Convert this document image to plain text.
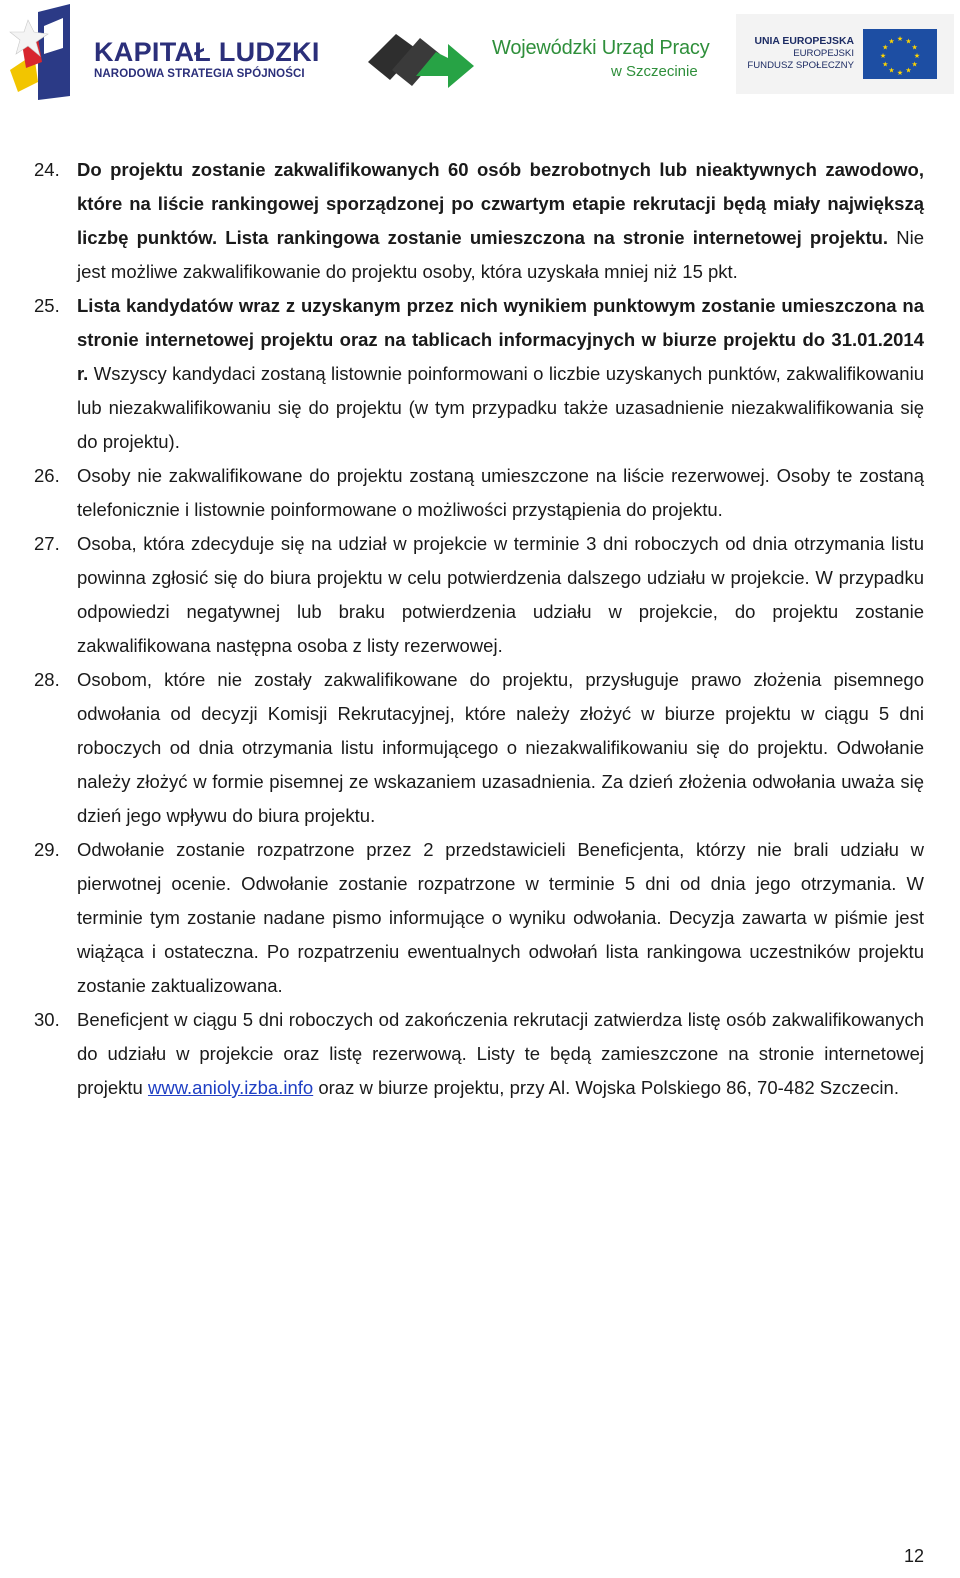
KAPITAŁ LUDZKI
NARODOWA STRATEGIA SPÓJNOŚCI
Wojewódzki Urząd Pracy
w Szczecinie
UNIA EUROPEJSKA
EUROPEJSKI
FUNDUSZ SPOŁECZNY
★ ★
★
★
★
★
★
★
★
★
★
★

24. Do projektu zostanie zakwalifikowanych 60 osób bezrobotnych lub nieaktywnych zawodowo, które na liście rankingowej sporządzonej po czwartym etapie rekrutacji będą miały największą liczbę punktów. Lista rankingowa zostanie umieszczona na stronie internetowej projektu. Nie jest możliwe zakwalifikowanie do projektu osoby, która uzyskała mniej niż 15 pkt.

25. Lista kandydatów wraz z uzyskanym przez nich wynikiem punktowym zostanie umieszczona na stronie internetowej projektu oraz na tablicach informacyjnych w biurze projektu do 31.01.2014 r. Wszyscy kandydaci zostaną listownie poinformowani o liczbie uzyskanych punktów, zakwalifikowaniu lub niezakwalifikowaniu się do projektu (w tym przypadku także uzasadnienie niezakwalifikowania się do projektu).

26. Osoby nie zakwalifikowane do projektu zostaną umieszczone na liście rezerwowej. Osoby te zostaną telefonicznie i listownie poinformowane o możliwości przystąpienia do projektu.

27. Osoba, która zdecyduje się na udział w projekcie w terminie 3 dni roboczych od dnia otrzymania listu powinna zgłosić się do biura projektu w celu potwierdzenia dalszego udziału w projekcie. W przypadku odpowiedzi negatywnej lub braku potwierdzenia udziału w projekcie, do projektu zostanie zakwalifikowana następna osoba z listy rezerwowej.

28. Osobom, które nie zostały zakwalifikowane do projektu, przysługuje prawo złożenia pisemnego odwołania od decyzji Komisji Rekrutacyjnej, które należy złożyć w biurze projektu w ciągu 5 dni roboczych od dnia otrzymania listu informującego o niezakwalifikowaniu się do projektu. Odwołanie należy złożyć w formie pisemnej ze wskazaniem uzasadnienia. Za dzień złożenia odwołania uważa się dzień jego wpływu do biura projektu.

29. Odwołanie zostanie rozpatrzone przez 2 przedstawicieli Beneficjenta, którzy nie brali udziału w pierwotnej ocenie. Odwołanie zostanie rozpatrzone w terminie 5 dni od dnia jego otrzymania. W terminie tym zostanie nadane pismo informujące o wyniku odwołania. Decyzja zawarta w piśmie jest wiążąca i ostateczna. Po rozpatrzeniu ewentualnych odwołań lista rankingowa uczestników projektu zostanie zaktualizowana.

30. Beneficjent w ciągu 5 dni roboczych od zakończenia rekrutacji zatwierdza listę osób zakwalifikowanych do udziału w projekcie oraz listę rezerwową. Listy te będą zamieszczone na stronie internetowej projektu www.anioly.izba.info oraz w biurze projektu, przy Al. Wojska Polskiego 86, 70-482 Szczecin.

12
